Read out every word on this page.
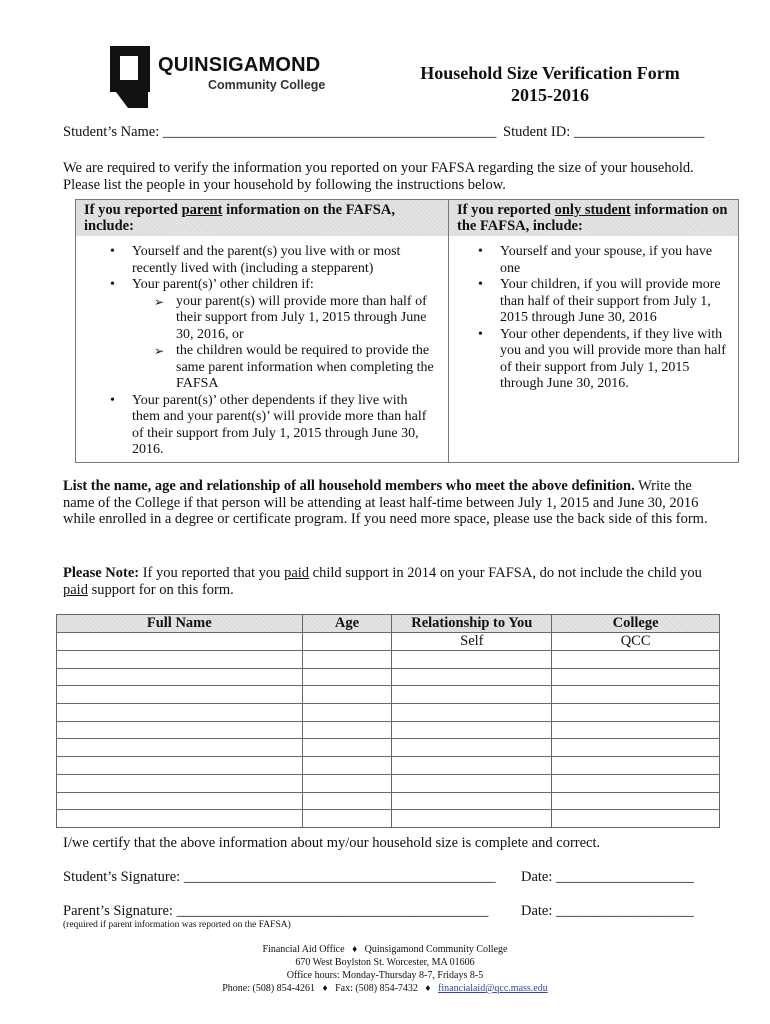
QUINSIGAMOND
Community College
Household Size Verification Form
2015-2016
Student’s Name: ______________________________________________ Student ID: __________________
We are required to verify the information you reported on your FAFSA regarding the size of your household.
Please list the people in your household by following the instructions below.
If you reported parent information on the FAFSA, include:
If you reported only student information on the FAFSA, include:
• Yourself and the parent(s) you live with or most recently lived with (including a stepparent)
• Your parent(s)’ other children if:
➢ your parent(s) will provide more than half of their support from July 1, 2015 through June 30, 2016, or
➢ the children would be required to provide the same parent information when completing the FAFSA
• Your parent(s)’ other dependents if they live with them and your parent(s)’ will provide more than half of their support from July 1, 2015 through June 30, 2016.
• Yourself and your spouse, if you have one
• Your children, if you will provide more than half of their support from July 1, 2015 through June 30, 2016
• Your other dependents, if they live with you and you will provide more than half of their support from July 1, 2015 through June 30, 2016.
List the name, age and relationship of all household members who meet the above definition. Write the name of the College if that person will be attending at least half-time between July 1, 2015 and June 30, 2016 while enrolled in a degree or certificate program. If you need more space, please use the back side of this form.
Please Note: If you reported that you paid child support in 2014 on your FAFSA, do not include the child you paid support for on this form.
Full Name	Age	Relationship to You	College
		Self	QCC

I/we certify that the above information about my/our household size is complete and correct.
Student’s Signature: ___________________________________________ Date: ___________________
Parent’s Signature: ___________________________________________ Date: ___________________
(required if parent information was reported on the FAFSA)
Financial Aid Office ♦ Quinsigamond Community College
670 West Boylston St. Worcester, MA 01606
Office hours: Monday-Thursday 8-7, Fridays 8-5
Phone: (508) 854-4261 ♦ Fax: (508) 854-7432 ♦ financialaid@qcc.mass.edu
